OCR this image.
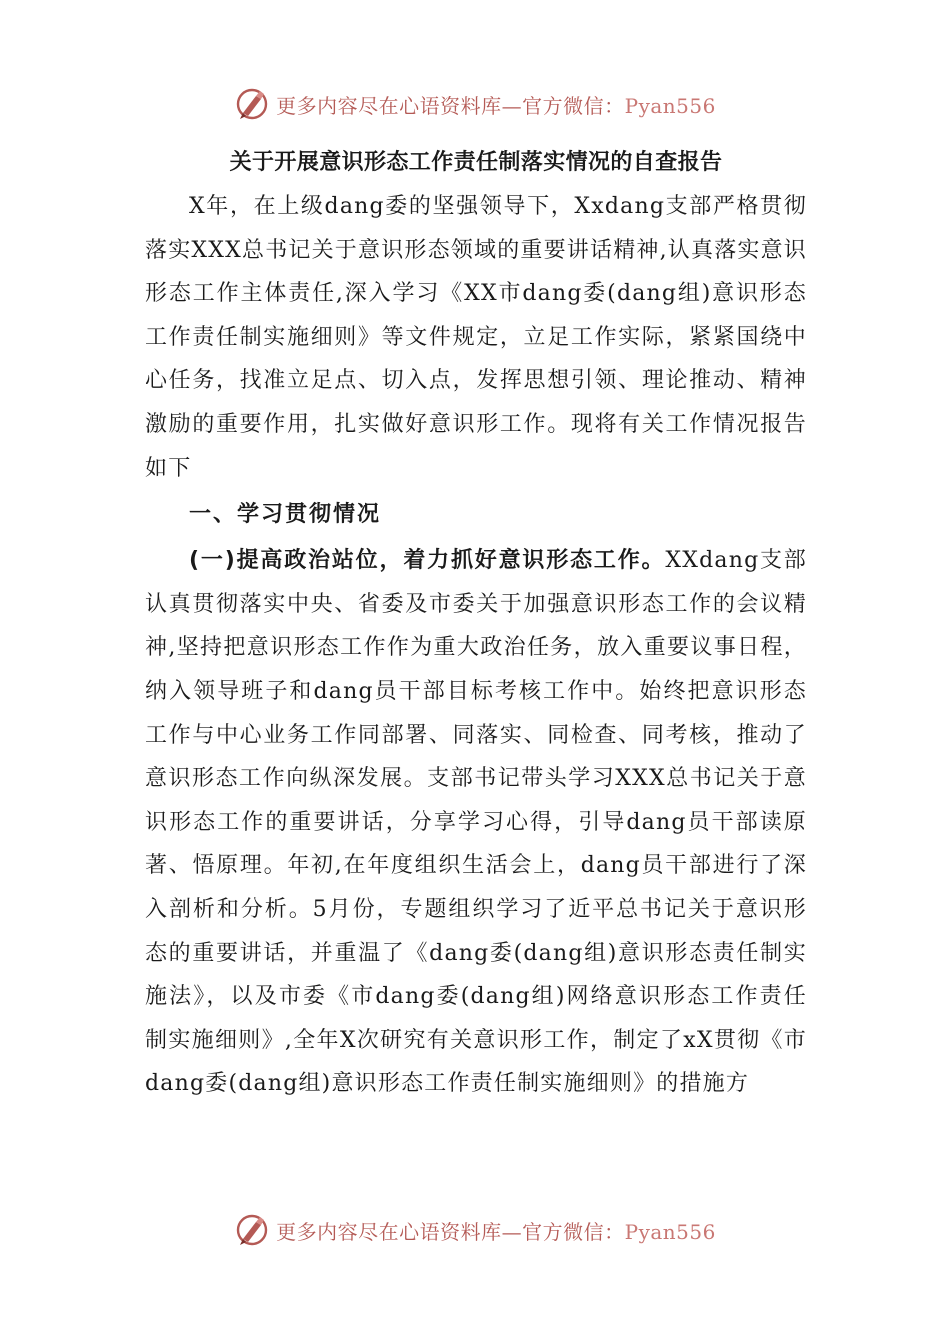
更多内容尽在心语资料库—官方微信：Pyan556
关于开展意识形态工作责任制落实情况的自查报告

X年，在上级dang委的坚强领导下，Xxdang支部严格贯彻落实XXX总书记关于意识形态领域的重要讲话精神,认真落实意识形态工作主体责任,深入学习《XX市dang委(dang组)意识形态工作责任制实施细则》等文件规定，立足工作实际，紧紧国绕中心任务，找准立足点、切入点，发挥思想引领、理论推动、精神激励的重要作用，扎实做好意识形工作。现将有关工作情况报告如下

一、学习贯彻情况

(一)提高政治站位，着力抓好意识形态工作。XXdang支部认真贯彻落实中央、省委及市委关于加强意识形态工作的会议精神,坚持把意识形态工作作为重大政治任务，放入重要议事日程，纳入领导班子和dang员干部目标考核工作中。始终把意识形态工作与中心业务工作同部署、同落实、同检查、同考核，推动了意识形态工作向纵深发展。支部书记带头学习XXX总书记关于意识形态工作的重要讲话，分享学习心得，引导dang员干部读原著、悟原理。年初,在年度组织生活会上，dang员干部进行了深入剖析和分析。5月份，专题组织学习了近平总书记关于意识形态的重要讲话，并重温了《dang委(dang组)意识形态责任制实施法》，以及市委《市dang委(dang组)网络意识形态工作责任制实施细则》,全年X次研究有关意识形工作，制定了xX贯彻《市dang委(dang组)意识形态工作责任制实施细则》的措施方

更多内容尽在心语资料库—官方微信：Pyan556
